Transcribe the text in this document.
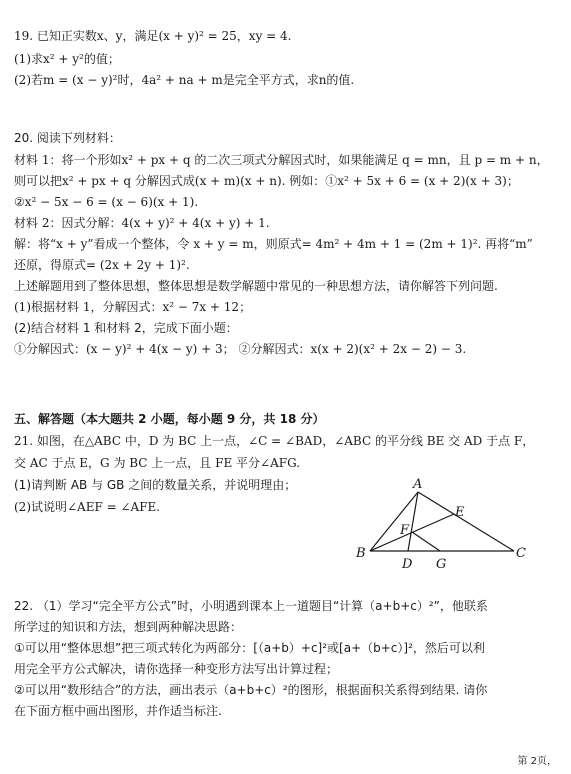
19. 已知正实数x、y，满足(x + y)² = 25，xy = 4.
(1)求x² + y²的值；
(2)若m = (x − y)²时，4a² + na + m是完全平方式，求n的值.
20. 阅读下列材料：
材料 1：将一个形如x² + px + q 的二次三项式分解因式时，如果能满足 q = mn，且 p = m + n，
则可以把x² + px + q 分解因式成(x + m)(x + n). 例如：①x² + 5x + 6 = (x + 2)(x + 3)；
②x² − 5x − 6 = (x − 6)(x + 1).
材料 2：因式分解：4(x + y)² + 4(x + y) + 1.
解：将“x + y”看成一个整体，令 x + y = m，则原式= 4m² + 4m + 1 = (2m + 1)². 再将“m”
还原，得原式= (2x + 2y + 1)².
上述解题用到了整体思想，整体思想是数学解题中常见的一种思想方法，请你解答下列问题.
(1)根据材料 1，分解因式：x² − 7x + 12；
(2)结合材料 1 和材料 2，完成下面小题：
①分解因式：(x − y)² + 4(x − y) + 3； ②分解因式：x(x + 2)(x² + 2x − 2) − 3.
五、解答题（本大题共 2 小题，每小题 9 分，共 18 分）
21. 如图，在△ABC 中，D 为 BC 上一点，∠C = ∠BAD，∠ABC 的平分线 BE 交 AD 于点 F，
交 AC 于点 E，G 为 BC 上一点，且 FE 平分∠AFG.
(1)请判断 AB 与 GB 之间的数量关系，并说明理由；
(2)试说明∠AEF = ∠AFE.
A
B	C
D
E
F
G
22. （1）学习“完全平方公式”时，小明遇到课本上一道题目“计算（a+b+c）²”，他联系
所学过的知识和方法，想到两种解决思路：
①可以用“整体思想”把三项式转化为两部分：[（a+b）+c]²或[a+（b+c）]²，然后可以利
用完全平方公式解决，请你选择一种变形方法写出计算过程；
②可以用“数形结合”的方法，画出表示（a+b+c）²的图形，根据面积关系得到结果. 请你
在下面方框中画出图形，并作适当标注.
第 2页，
